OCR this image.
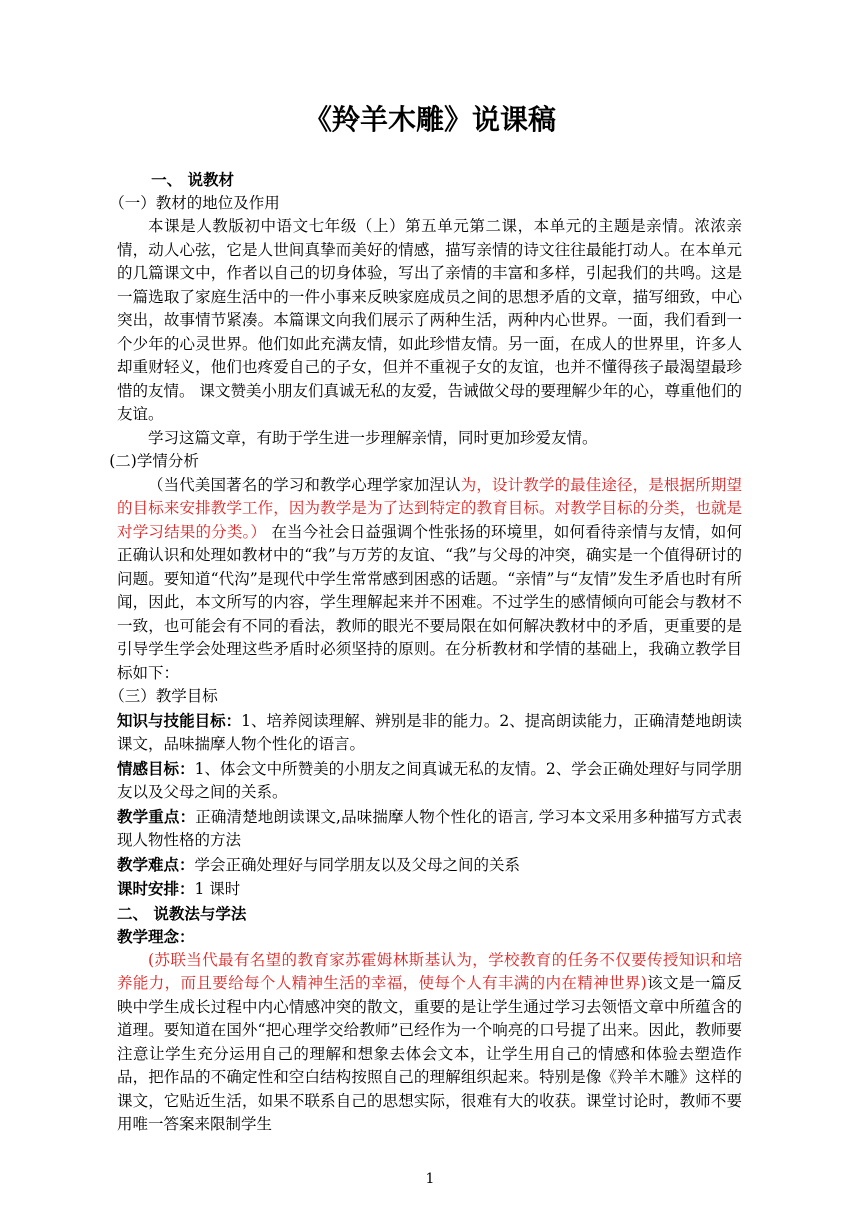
《羚羊木雕》说课稿

一、 说教材

（一）教材的地位及作用

本课是人教版初中语文七年级（上）第五单元第二课，本单元的主题是亲情。浓浓亲情，动人心弦，它是人世间真挚而美好的情感，描写亲情的诗文往往最能打动人。在本单元的几篇课文中，作者以自己的切身体验，写出了亲情的丰富和多样，引起我们的共鸣。这是一篇选取了家庭生活中的一件小事来反映家庭成员之间的思想矛盾的文章，描写细致，中心突出，故事情节紧凑。本篇课文向我们展示了两种生活，两种内心世界。一面，我们看到一个少年的心灵世界。他们如此充满友情，如此珍惜友情。另一面，在成人的世界里，许多人却重财轻义，他们也疼爱自己的子女，但并不重视子女的友谊，也并不懂得孩子最渴望最珍惜的友情。 课文赞美小朋友们真诚无私的友爱，告诫做父母的要理解少年的心，尊重他们的友谊。

学习这篇文章，有助于学生进一步理解亲情，同时更加珍爱友情。

(二)学情分析

（当代美国著名的学习和教学心理学家加涅认为，设计教学的最佳途径，是根据所期望的目标来安排教学工作，因为教学是为了达到特定的教育目标。对教学目标的分类，也就是对学习结果的分类。） 在当今社会日益强调个性张扬的环境里，如何看待亲情与友情，如何正确认识和处理如教材中的“我”与万芳的友谊、“我”与父母的冲突，确实是一个值得研讨的问题。要知道“代沟”是现代中学生常常感到困惑的话题。“亲情”与“友情”发生矛盾也时有所闻，因此，本文所写的内容，学生理解起来并不困难。不过学生的感情倾向可能会与教材不一致，也可能会有不同的看法，教师的眼光不要局限在如何解决教材中的矛盾，更重要的是引导学生学会处理这些矛盾时必须坚持的原则。在分析教材和学情的基础上，我确立教学目标如下：

（三）教学目标

知识与技能目标：1、培养阅读理解、辨别是非的能力。2、提高朗读能力，正确清楚地朗读课文，品味揣摩人物个性化的语言。

情感目标：1、体会文中所赞美的小朋友之间真诚无私的友情。2、学会正确处理好与同学朋友以及父母之间的关系。

教学重点：正确清楚地朗读课文,品味揣摩人物个性化的语言, 学习本文采用多种描写方式表现人物性格的方法

教学难点：学会正确处理好与同学朋友以及父母之间的关系

课时安排：1 课时

二、 说教法与学法

教学理念：

(苏联当代最有名望的教育家苏霍姆林斯基认为，学校教育的任务不仅要传授知识和培养能力，而且要给每个人精神生活的幸福，使每个人有丰满的内在精神世界)该文是一篇反映中学生成长过程中内心情感冲突的散文，重要的是让学生通过学习去领悟文章中所蕴含的道理。要知道在国外“把心理学交给教师”已经作为一个响亮的口号提了出来。因此，教师要注意让学生充分运用自己的理解和想象去体会文本，让学生用自己的情感和体验去塑造作品，把作品的不确定性和空白结构按照自己的理解组织起来。特别是像《羚羊木雕》这样的课文，它贴近生活，如果不联系自己的思想实际，很难有大的收获。课堂讨论时，教师不要用唯一答案来限制学生

1
